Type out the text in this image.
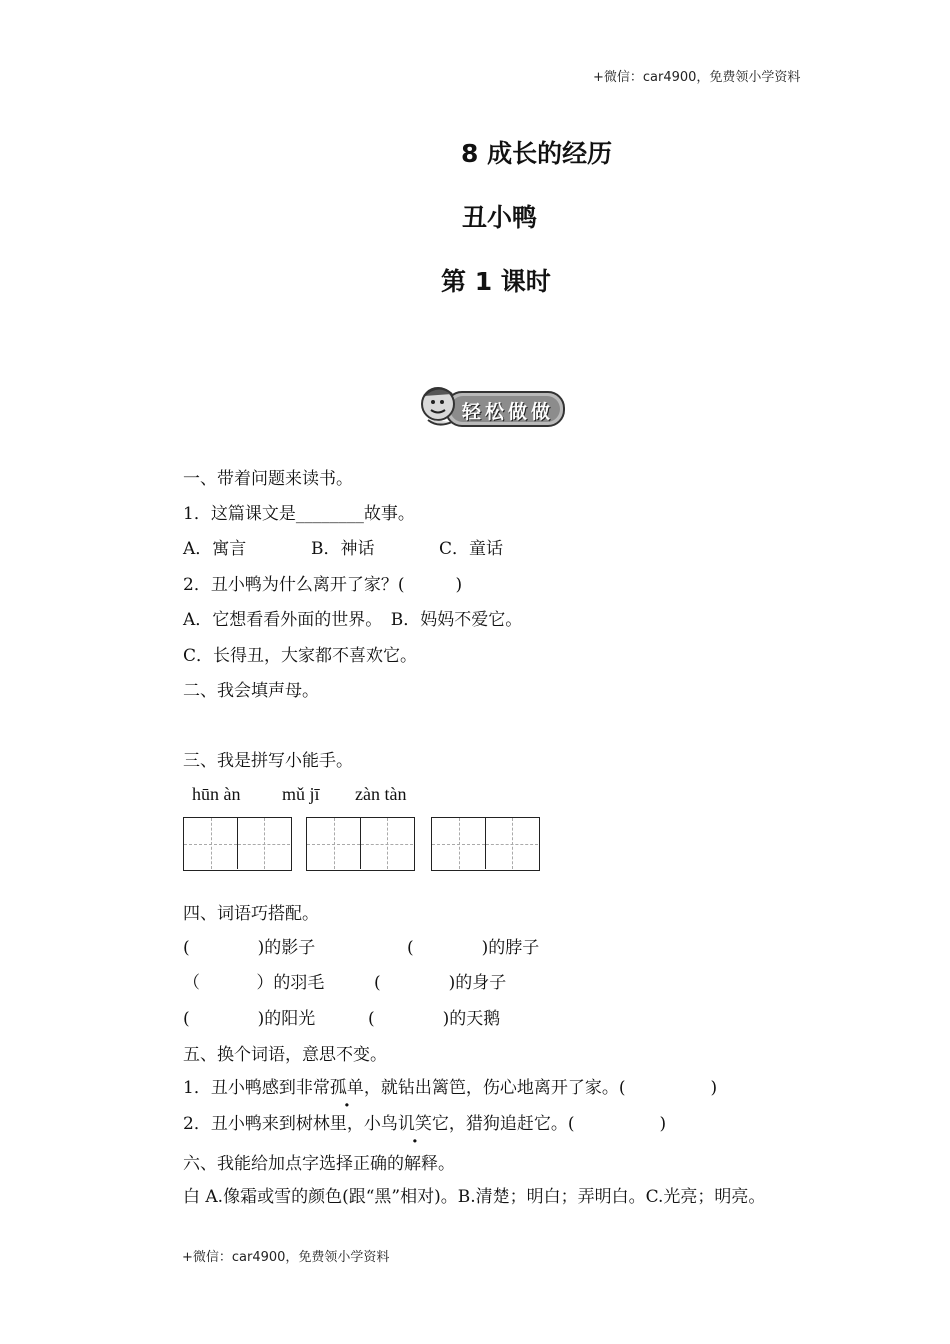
+微信：car4900，免费领小学资料
8 成长的经历
丑小鸭
第 1 课时
轻松做做
一、带着问题来读书。
1．这篇课文是________故事。
A．寓言	B．神话	C．童话
2．丑小鸭为什么离开了家？(　　　)
A．它想看看外面的世界。　B．妈妈不爱它。
C．长得丑，大家都不喜欢它。
二、我会填声母。
三、我是拼写小能手。
hūn àn mǔ jī zàn tàn
四、词语巧搭配。
(　　　　)的影子	(　　　　)的脖子
（　　　 ）的羽毛	(　　　　)的身子
(　　　　)的阳光	(　　　　)的天鹅
五、换个词语，意思不变。
1．丑小鸭感到非常孤单，就钻出篱笆，伤心地离开了家。(　　　　　)
2．丑小鸭来到树林里，小鸟讥笑它，猎狗追赶它。(　　　　　)
六、我能给加点字选择正确的解释。
白 A.像霜或雪的颜色(跟“黑”相对)。B.清楚；明白；弄明白。C.光亮；明亮。
+微信：car4900，免费领小学资料
